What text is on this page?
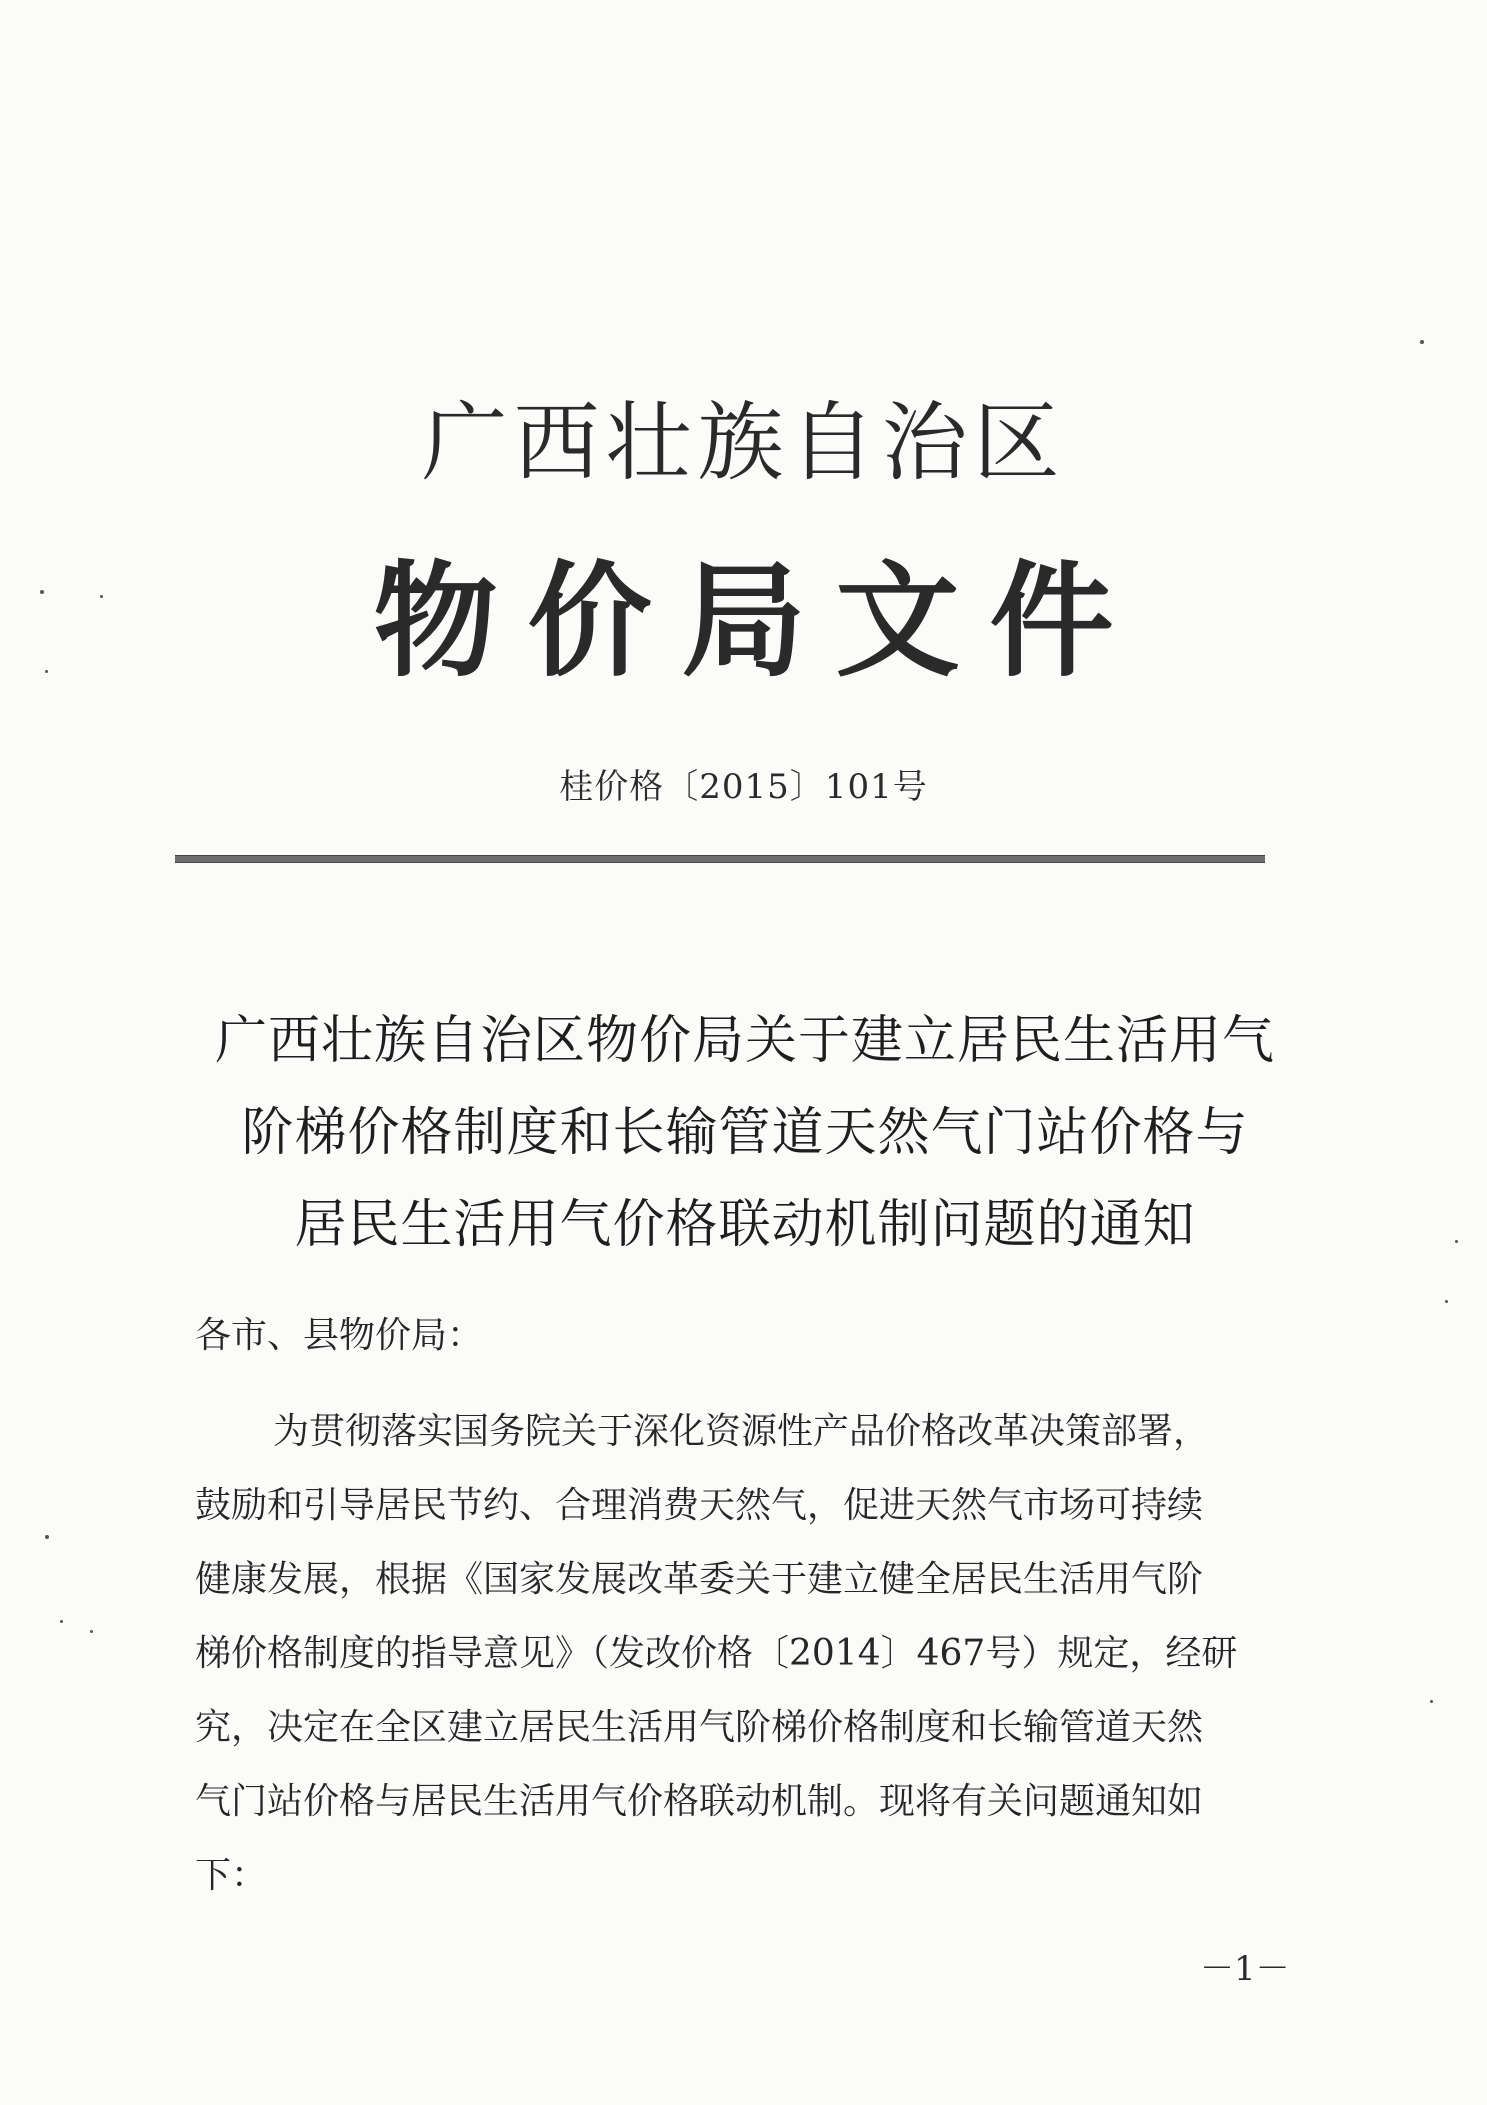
广西壮族自治区
物价局文件
桂价格〔2015〕101号
广西壮族自治区物价局关于建立居民生活用气
阶梯价格制度和长输管道天然气门站价格与
居民生活用气价格联动机制问题的通知
各市、县物价局：
为贯彻落实国务院关于深化资源性产品价格改革决策部署，
鼓励和引导居民节约、合理消费天然气，促进天然气市场可持续
健康发展，根据《国家发展改革委关于建立健全居民生活用气阶
梯价格制度的指导意见》（发改价格〔2014〕467号）规定，经研
究，决定在全区建立居民生活用气阶梯价格制度和长输管道天然
气门站价格与居民生活用气价格联动机制。现将有关问题通知如
下：
－1－
